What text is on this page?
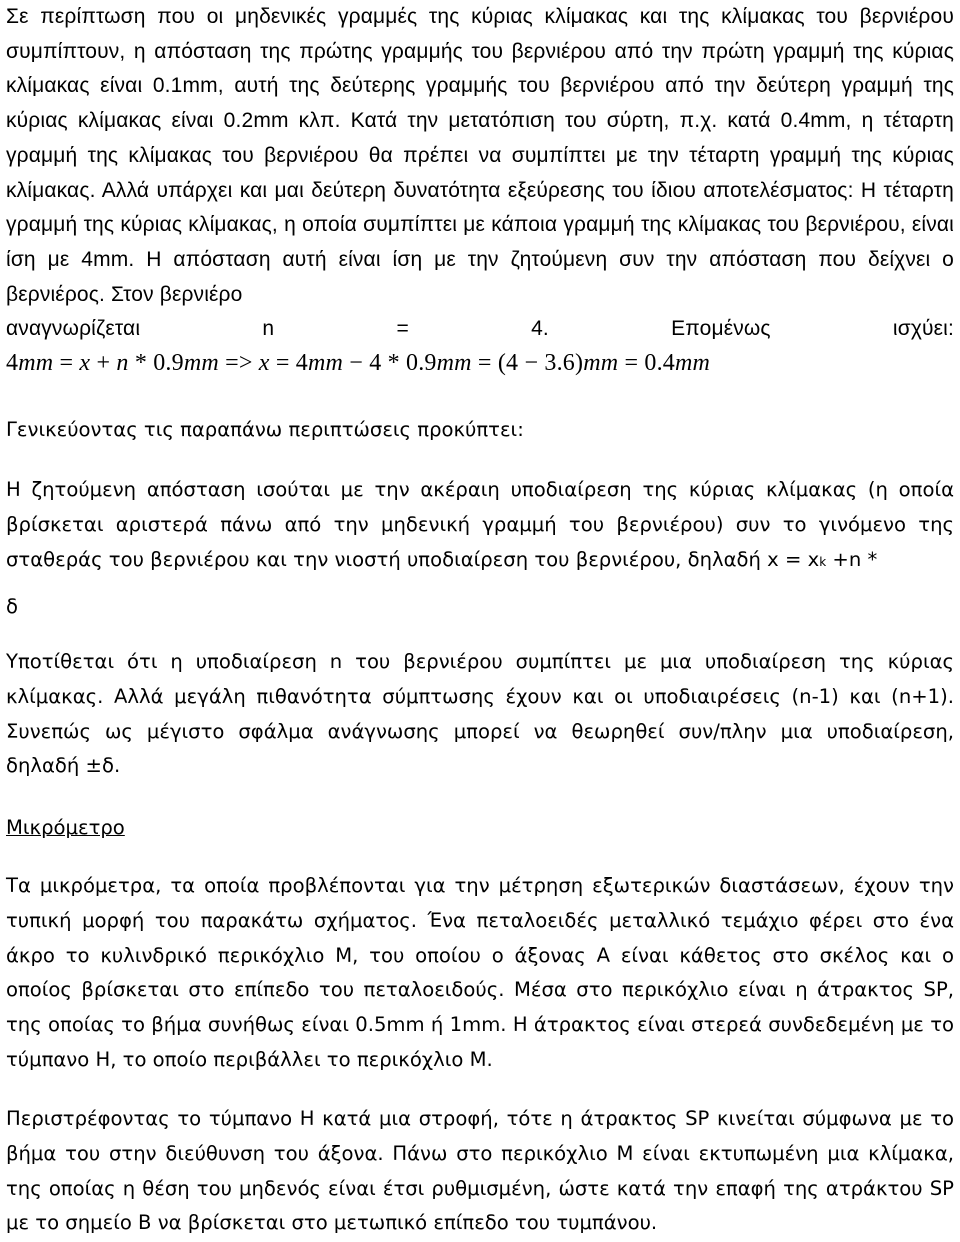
Σε περίπτωση που οι μηδενικές γραμμές της κύριας κλίμακας και της κλίμακας του βερνιέρου συμπίπτουν, η απόσταση της πρώτης γραμμής του βερνιέρου από την πρώτη γραμμή της κύριας κλίμακας είναι 0.1mm, αυτή της δεύτερης γραμμής του βερνιέρου από την δεύτερη γραμμή της κύριας κλίμακας είναι 0.2mm κλπ. Κατά την μετατόπιση του σύρτη, π.χ. κατά 0.4mm, η τέταρτη γραμμή της κλίμακας του βερνιέρου θα πρέπει να συμπίπτει με την τέταρτη γραμμή της κύριας κλίμακας. Αλλά υπάρχει και μαι δεύτερη δυνατότητα εξεύρεσης του ίδιου αποτελέσματος: Η τέταρτη γραμμή της κύριας κλίμακας, η οποία συμπίπτει με κάποια γραμμή της κλίμακας του βερνιέρου, είναι ίση με 4mm. Η απόσταση αυτή είναι ίση με την ζητούμενη συν την απόσταση που δείχνει ο βερνιέρος. Στον βερνιέρο

αναγνωρίζεται	n	=	4.	Επομένως	ισχύει:
4mm = x + n * 0.9mm => x = 4mm − 4 * 0.9mm = (4 − 3.6)mm = 0.4mm

Γενικεύοντας τις παραπάνω περιπτώσεις προκύπτει:

Η ζητούμενη απόσταση ισούται με την ακέραιη υποδιαίρεση της κύριας κλίμακας (η οποία βρίσκεται αριστερά πάνω από την μηδενική γραμμή του βερνιέρου) συν το γινόμενο της σταθεράς του βερνιέρου και την νιοστή υποδιαίρεση του βερνιέρου, δηλαδή x = xk +n *

δ

Υποτίθεται ότι η υποδιαίρεση n του βερνιέρου συμπίπτει με μια υποδιαίρεση της κύριας κλίμακας. Αλλά μεγάλη πιθανότητα σύμπτωσης έχουν και οι υποδιαιρέσεις (n-1) και (n+1). Συνεπώς ως μέγιστο σφάλμα ανάγνωσης μπορεί να θεωρηθεί συν/πλην μια υποδιαίρεση, δηλαδή ±δ.

Μικρόμετρο

Τα μικρόμετρα, τα οποία προβλέπονται για την μέτρηση εξωτερικών διαστάσεων, έχουν την τυπική μορφή του παρακάτω σχήματος. Ένα πεταλοειδές μεταλλικό τεμάχιο φέρει στο ένα άκρο το κυλινδρικό περικόχλιο Μ, του οποίου ο άξονας Α είναι κάθετος στο σκέλος και ο οποίος βρίσκεται στο επίπεδο του πεταλοειδούς. Μέσα στο περικόχλιο είναι η άτρακτος SP, της οποίας το βήμα συνήθως είναι 0.5mm ή 1mm. Η άτρακτος είναι στερεά συνδεδεμένη με το τύμπανο Η, το οποίο περιβάλλει το περικόχλιο Μ.

Περιστρέφοντας το τύμπανο Η κατά μια στροφή, τότε η άτρακτος SP κινείται σύμφωνα με το βήμα του στην διεύθυνση του άξονα. Πάνω στο περικόχλιο Μ είναι εκτυπωμένη μια κλίμακα, της οποίας η θέση του μηδενός είναι έτσι ρυθμισμένη, ώστε κατά την επαφή της ατράκτου SP με το σημείο Β να βρίσκεται στο μετωπικό επίπεδο του τυμπάνου.
